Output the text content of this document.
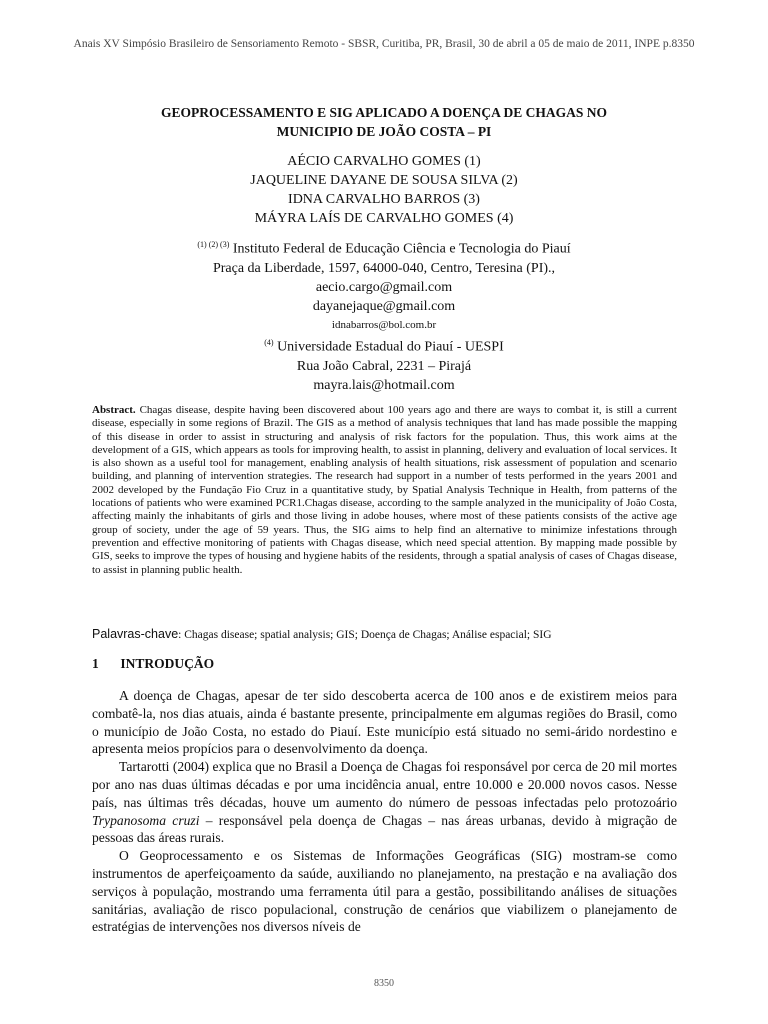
Anais XV Simpósio Brasileiro de Sensoriamento Remoto - SBSR, Curitiba, PR, Brasil, 30 de abril a 05 de maio de 2011, INPE p.8350
GEOPROCESSAMENTO E SIG APLICADO A DOENÇA DE CHAGAS NO
MUNICIPIO DE JOÃO COSTA – PI
AÉCIO CARVALHO GOMES (1)
JAQUELINE DAYANE DE SOUSA SILVA (2)
IDNA CARVALHO BARROS (3)
MÁYRA LAÍS DE CARVALHO GOMES (4)
$^{(1) (2) (3)}$ Instituto Federal de Educação Ciência e Tecnologia do Piauí
Praça da Liberdade, 1597, 64000-040, Centro, Teresina (PI).,
aecio.cargo@gmail.com
dayanejaque@gmail.com
idnabarros@bol.com.br
$^{(4)}$ Universidade Estadual do Piauí - UESPI
Rua João Cabral, 2231 – Pirajá
mayra.lais@hotmail.com
Abstract. Chagas disease, despite having been discovered about 100 years ago and there are ways to combat it, is still a current disease, especially in some regions of Brazil. The GIS as a method of analysis techniques that land has made possible the mapping of this disease in order to assist in structuring and analysis of risk factors for the population. Thus, this work aims at the development of a GIS, which appears as tools for improving health, to assist in planning, delivery and evaluation of local services. It is also shown as a useful tool for management, enabling analysis of health situations, risk assessment of population and scenario building, and planning of intervention strategies. The research had support in a number of tests performed in the years 2001 and 2002 developed by the Fundação Fio Cruz in a quantitative study, by Spatial Analysis Technique in Health, from patterns of the locations of patients who were examined PCR1.Chagas disease, according to the sample analyzed in the municipality of João Costa, affecting mainly the inhabitants of girls and those living in adobe houses, where most of these patients consists of the active age group of society, under the age of 59 years. Thus, the SIG aims to help find an alternative to minimize infestations through prevention and effective monitoring of patients with Chagas disease, which need special attention. By mapping made possible by GIS, seeks to improve the types of housing and hygiene habits of the residents, through a spatial analysis of cases of Chagas disease, to assist in planning public health.
Palavras-chave: Chagas disease; spatial analysis; GIS; Doença de Chagas; Análise espacial; SIG
1 INTRODUÇÃO

A doença de Chagas, apesar de ter sido descoberta acerca de 100 anos e de existirem meios para combatê-la, nos dias atuais, ainda é bastante presente, principalmente em algumas regiões do Brasil, como o município de João Costa, no estado do Piauí. Este município está situado no semi-árido nordestino e apresenta meios propícios para o desenvolvimento da doença.

Tartarotti (2004) explica que no Brasil a Doença de Chagas foi responsável por cerca de 20 mil mortes por ano nas duas últimas décadas e por uma incidência anual, entre 10.000 e 20.000 novos casos. Nesse país, nas últimas três décadas, houve um aumento do número de pessoas infectadas pelo protozoário Trypanosoma cruzi – responsável pela doença de Chagas – nas áreas urbanas, devido à migração de pessoas das áreas rurais.

O Geoprocessamento e os Sistemas de Informações Geográficas (SIG) mostram-se como instrumentos de aperfeiçoamento da saúde, auxiliando no planejamento, na prestação e na avaliação dos serviços à população, mostrando uma ferramenta útil para a gestão, possibilitando análises de situações sanitárias, avaliação de risco populacional, construção de cenários que viabilizem o planejamento de estratégias de intervenções nos diversos níveis de

8350
